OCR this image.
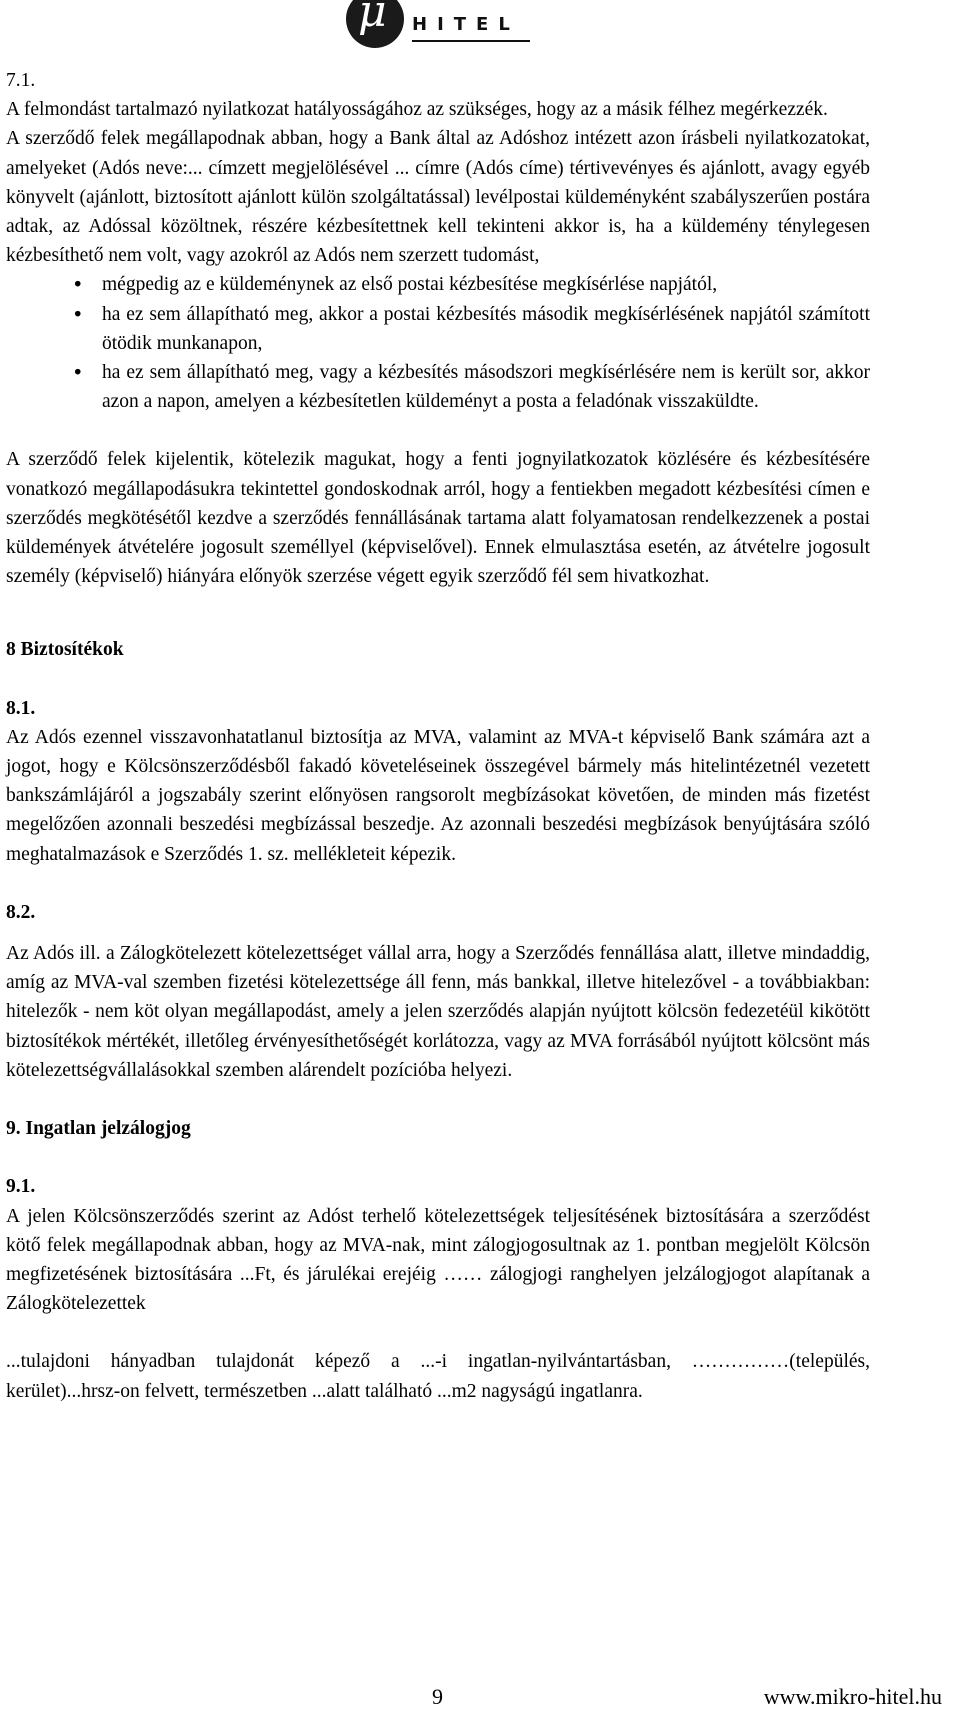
μ HITEL

7.1.

A felmondást tartalmazó nyilatkozat hatályosságához az szükséges, hogy az a másik félhez megérkezzék.

A szerződő felek megállapodnak abban, hogy a Bank által az Adóshoz intézett azon írásbeli nyilatkozatokat, amelyeket (Adós neve:... címzett megjelölésével ... címre (Adós címe) tértivevényes és ajánlott, avagy egyéb könyvelt (ajánlott, biztosított ajánlott külön szolgáltatással) levélpostai küldeményként szabályszerűen postára adtak, az Adóssal közöltnek, részére kézbesítettnek kell tekinteni akkor is, ha a küldemény ténylegesen kézbesíthető nem volt, vagy azokról az Adós nem szerzett tudomást,

• mégpedig az e küldeménynek az első postai kézbesítése megkísérlése napjától,
• ha ez sem állapítható meg, akkor a postai kézbesítés második megkísérlésének napjától számított ötödik munkanapon,
• ha ez sem állapítható meg, vagy a kézbesítés másodszori megkísérlésére nem is került sor, akkor azon a napon, amelyen a kézbesítetlen küldeményt a posta a feladónak visszaküldte.

A szerződő felek kijelentik, kötelezik magukat, hogy a fenti jognyilatkozatok közlésére és kézbesítésére vonatkozó megállapodásukra tekintettel gondoskodnak arról, hogy a fentiekben megadott kézbesítési címen e szerződés megkötésétől kezdve a szerződés fennállásának tartama alatt folyamatosan rendelkezzenek a postai küldemények átvételére jogosult személlyel (képviselővel). Ennek elmulasztása esetén, az átvételre jogosult személy (képviselő) hiányára előnyök szerzése végett egyik szerződő fél sem hivatkozhat.

8 Biztosítékok

8.1.

Az Adós ezennel visszavonhatatlanul biztosítja az MVA, valamint az MVA-t képviselő Bank számára azt a jogot, hogy e Kölcsönszerződésből fakadó követeléseinek összegével bármely más hitelintézetnél vezetett bankszámlájáról a jogszabály szerint előnyösen rangsorolt megbízásokat követően, de minden más fizetést megelőzően azonnali beszedési megbízással beszedje. Az azonnali beszedési megbízások benyújtására szóló meghatalmazások e Szerződés 1. sz. mellékleteit képezik.

8.2.

Az Adós ill. a Zálogkötelezett kötelezettséget vállal arra, hogy a Szerződés fennállása alatt, illetve mindaddig, amíg az MVA-val szemben fizetési kötelezettsége áll fenn, más bankkal, illetve hitelezővel - a továbbiakban: hitelezők - nem köt olyan megállapodást, amely a jelen szerződés alapján nyújtott kölcsön fedezetéül kikötött biztosítékok mértékét, illetőleg érvényesíthetőségét korlátozza, vagy az MVA forrásából nyújtott kölcsönt más kötelezettségvállalásokkal szemben alárendelt pozícióba helyezi.

9. Ingatlan jelzálogjog

9.1.

A jelen Kölcsönszerződés szerint az Adóst terhelő kötelezettségek teljesítésének biztosítására a szerződést kötő felek megállapodnak abban, hogy az MVA-nak, mint zálogjogosultnak az 1. pontban megjelölt Kölcsön megfizetésének biztosítására ...Ft, és járulékai erejéig …… zálogjogi ranghelyen jelzálogjogot alapítanak a Zálogkötelezettek

...tulajdoni hányadban tulajdonát képező a ...-i ingatlan-nyilvántartásban, ……………(település, kerület)...hrsz-on felvett, természetben ...alatt található ...m2 nagyságú ingatlanra.

9	www.mikro-hitel.hu
